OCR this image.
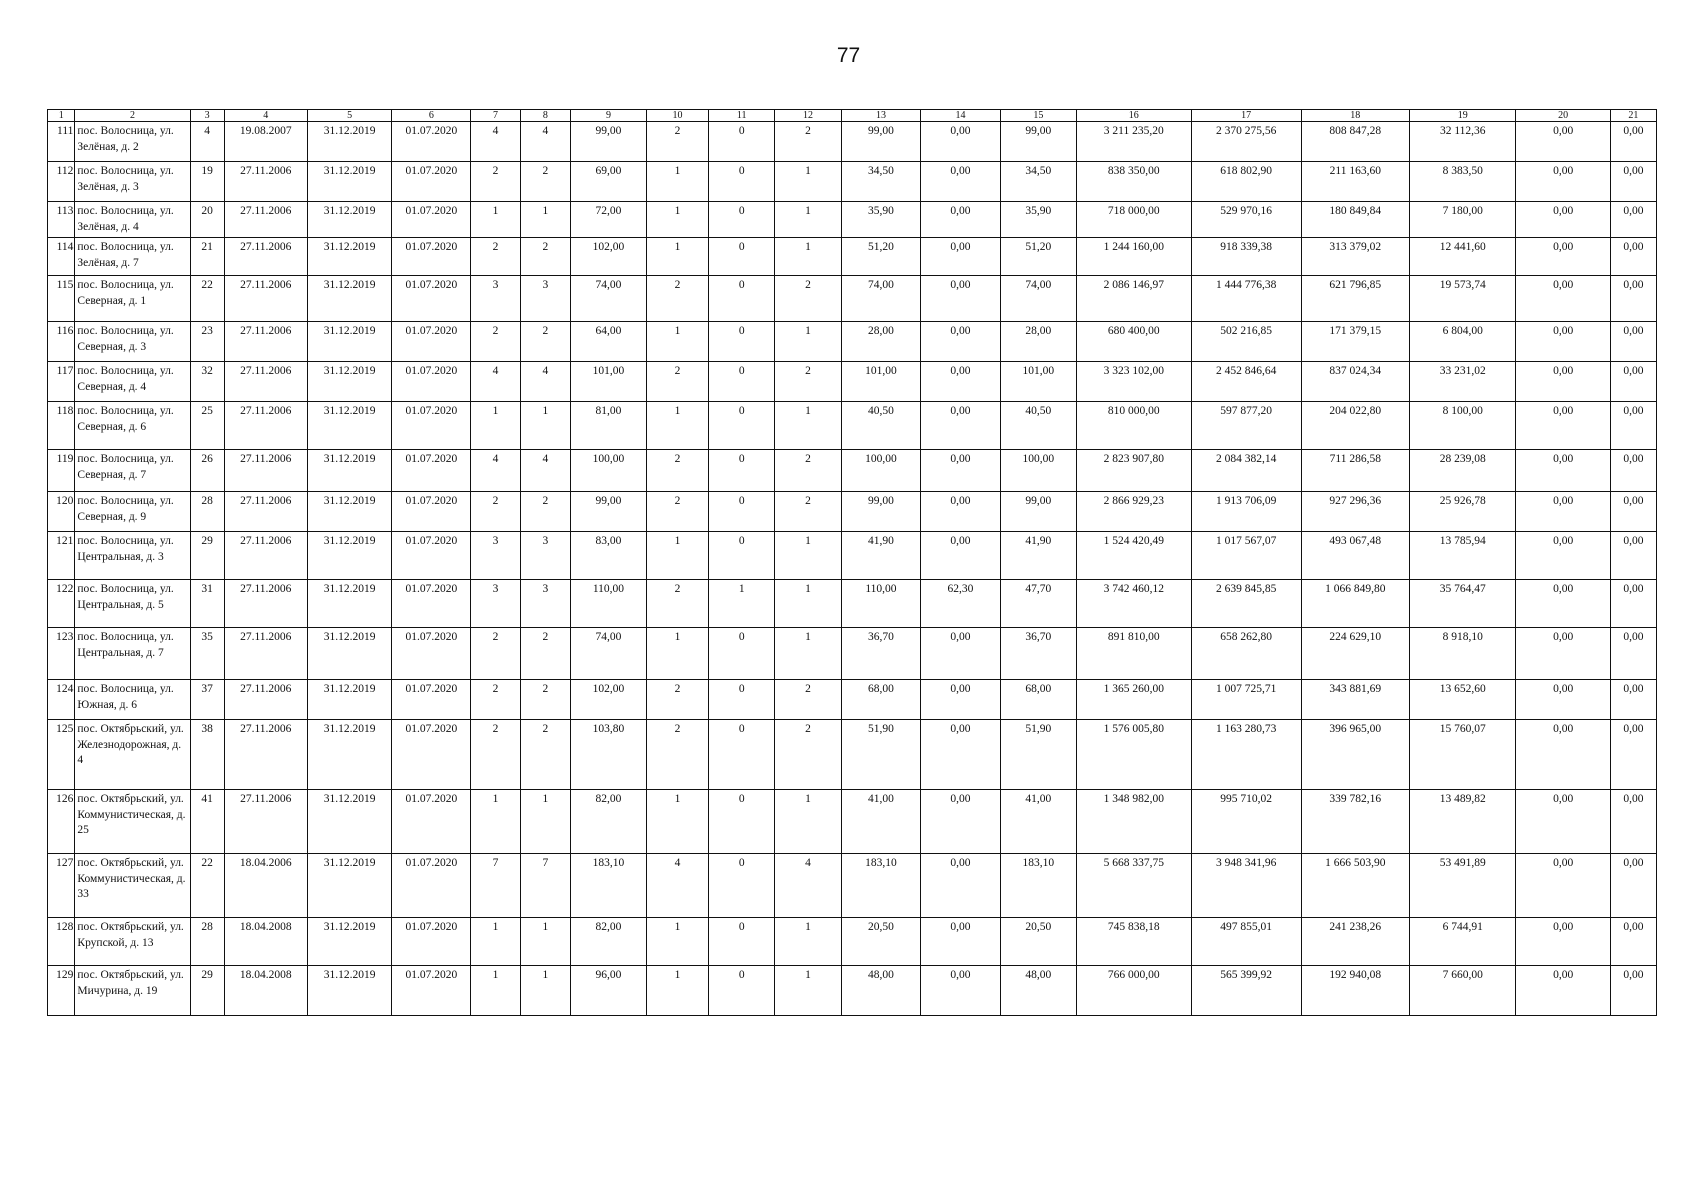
77
1	2	3	4	5	6	7	8	9	10	11	12	13	14	15	16	17	18	19	20	21
111	пос. Волосница, ул. Зелёная, д. 2	4	19.08.2007	31.12.2019	01.07.2020	4	4	99,00	2	0	2	99,00	0,00	99,00	3 211 235,20	2 370 275,56	808 847,28	32 112,36	0,00	0,00
112	пос. Волосница, ул. Зелёная, д. 3	19	27.11.2006	31.12.2019	01.07.2020	2	2	69,00	1	0	1	34,50	0,00	34,50	838 350,00	618 802,90	211 163,60	8 383,50	0,00	0,00
113	пос. Волосница, ул. Зелёная, д. 4	20	27.11.2006	31.12.2019	01.07.2020	1	1	72,00	1	0	1	35,90	0,00	35,90	718 000,00	529 970,16	180 849,84	7 180,00	0,00	0,00
114	пос. Волосница, ул. Зелёная, д. 7	21	27.11.2006	31.12.2019	01.07.2020	2	2	102,00	1	0	1	51,20	0,00	51,20	1 244 160,00	918 339,38	313 379,02	12 441,60	0,00	0,00
115	пос. Волосница, ул. Северная, д. 1	22	27.11.2006	31.12.2019	01.07.2020	3	3	74,00	2	0	2	74,00	0,00	74,00	2 086 146,97	1 444 776,38	621 796,85	19 573,74	0,00	0,00
116	пос. Волосница, ул. Северная, д. 3	23	27.11.2006	31.12.2019	01.07.2020	2	2	64,00	1	0	1	28,00	0,00	28,00	680 400,00	502 216,85	171 379,15	6 804,00	0,00	0,00
117	пос. Волосница, ул. Северная, д. 4	32	27.11.2006	31.12.2019	01.07.2020	4	4	101,00	2	0	2	101,00	0,00	101,00	3 323 102,00	2 452 846,64	837 024,34	33 231,02	0,00	0,00
118	пос. Волосница, ул. Северная, д. 6	25	27.11.2006	31.12.2019	01.07.2020	1	1	81,00	1	0	1	40,50	0,00	40,50	810 000,00	597 877,20	204 022,80	8 100,00	0,00	0,00
119	пос. Волосница, ул. Северная, д. 7	26	27.11.2006	31.12.2019	01.07.2020	4	4	100,00	2	0	2	100,00	0,00	100,00	2 823 907,80	2 084 382,14	711 286,58	28 239,08	0,00	0,00
120	пос. Волосница, ул. Северная, д. 9	28	27.11.2006	31.12.2019	01.07.2020	2	2	99,00	2	0	2	99,00	0,00	99,00	2 866 929,23	1 913 706,09	927 296,36	25 926,78	0,00	0,00
121	пос. Волосница, ул. Центральная, д. 3	29	27.11.2006	31.12.2019	01.07.2020	3	3	83,00	1	0	1	41,90	0,00	41,90	1 524 420,49	1 017 567,07	493 067,48	13 785,94	0,00	0,00
122	пос. Волосница, ул. Центральная, д. 5	31	27.11.2006	31.12.2019	01.07.2020	3	3	110,00	2	1	1	110,00	62,30	47,70	3 742 460,12	2 639 845,85	1 066 849,80	35 764,47	0,00	0,00
123	пос. Волосница, ул. Центральная, д. 7	35	27.11.2006	31.12.2019	01.07.2020	2	2	74,00	1	0	1	36,70	0,00	36,70	891 810,00	658 262,80	224 629,10	8 918,10	0,00	0,00
124	пос. Волосница, ул. Южная, д. 6	37	27.11.2006	31.12.2019	01.07.2020	2	2	102,00	2	0	2	68,00	0,00	68,00	1 365 260,00	1 007 725,71	343 881,69	13 652,60	0,00	0,00
125	пос. Октябрьский, ул. Железнодорожная, д. 4	38	27.11.2006	31.12.2019	01.07.2020	2	2	103,80	2	0	2	51,90	0,00	51,90	1 576 005,80	1 163 280,73	396 965,00	15 760,07	0,00	0,00
126	пос. Октябрьский, ул. Коммунистическая, д. 25	41	27.11.2006	31.12.2019	01.07.2020	1	1	82,00	1	0	1	41,00	0,00	41,00	1 348 982,00	995 710,02	339 782,16	13 489,82	0,00	0,00
127	пос. Октябрьский, ул. Коммунистическая, д. 33	22	18.04.2006	31.12.2019	01.07.2020	7	7	183,10	4	0	4	183,10	0,00	183,10	5 668 337,75	3 948 341,96	1 666 503,90	53 491,89	0,00	0,00
128	пос. Октябрьский, ул. Крупской, д. 13	28	18.04.2008	31.12.2019	01.07.2020	1	1	82,00	1	0	1	20,50	0,00	20,50	745 838,18	497 855,01	241 238,26	6 744,91	0,00	0,00
129	пос. Октябрьский, ул. Мичурина, д. 19	29	18.04.2008	31.12.2019	01.07.2020	1	1	96,00	1	0	1	48,00	0,00	48,00	766 000,00	565 399,92	192 940,08	7 660,00	0,00	0,00
